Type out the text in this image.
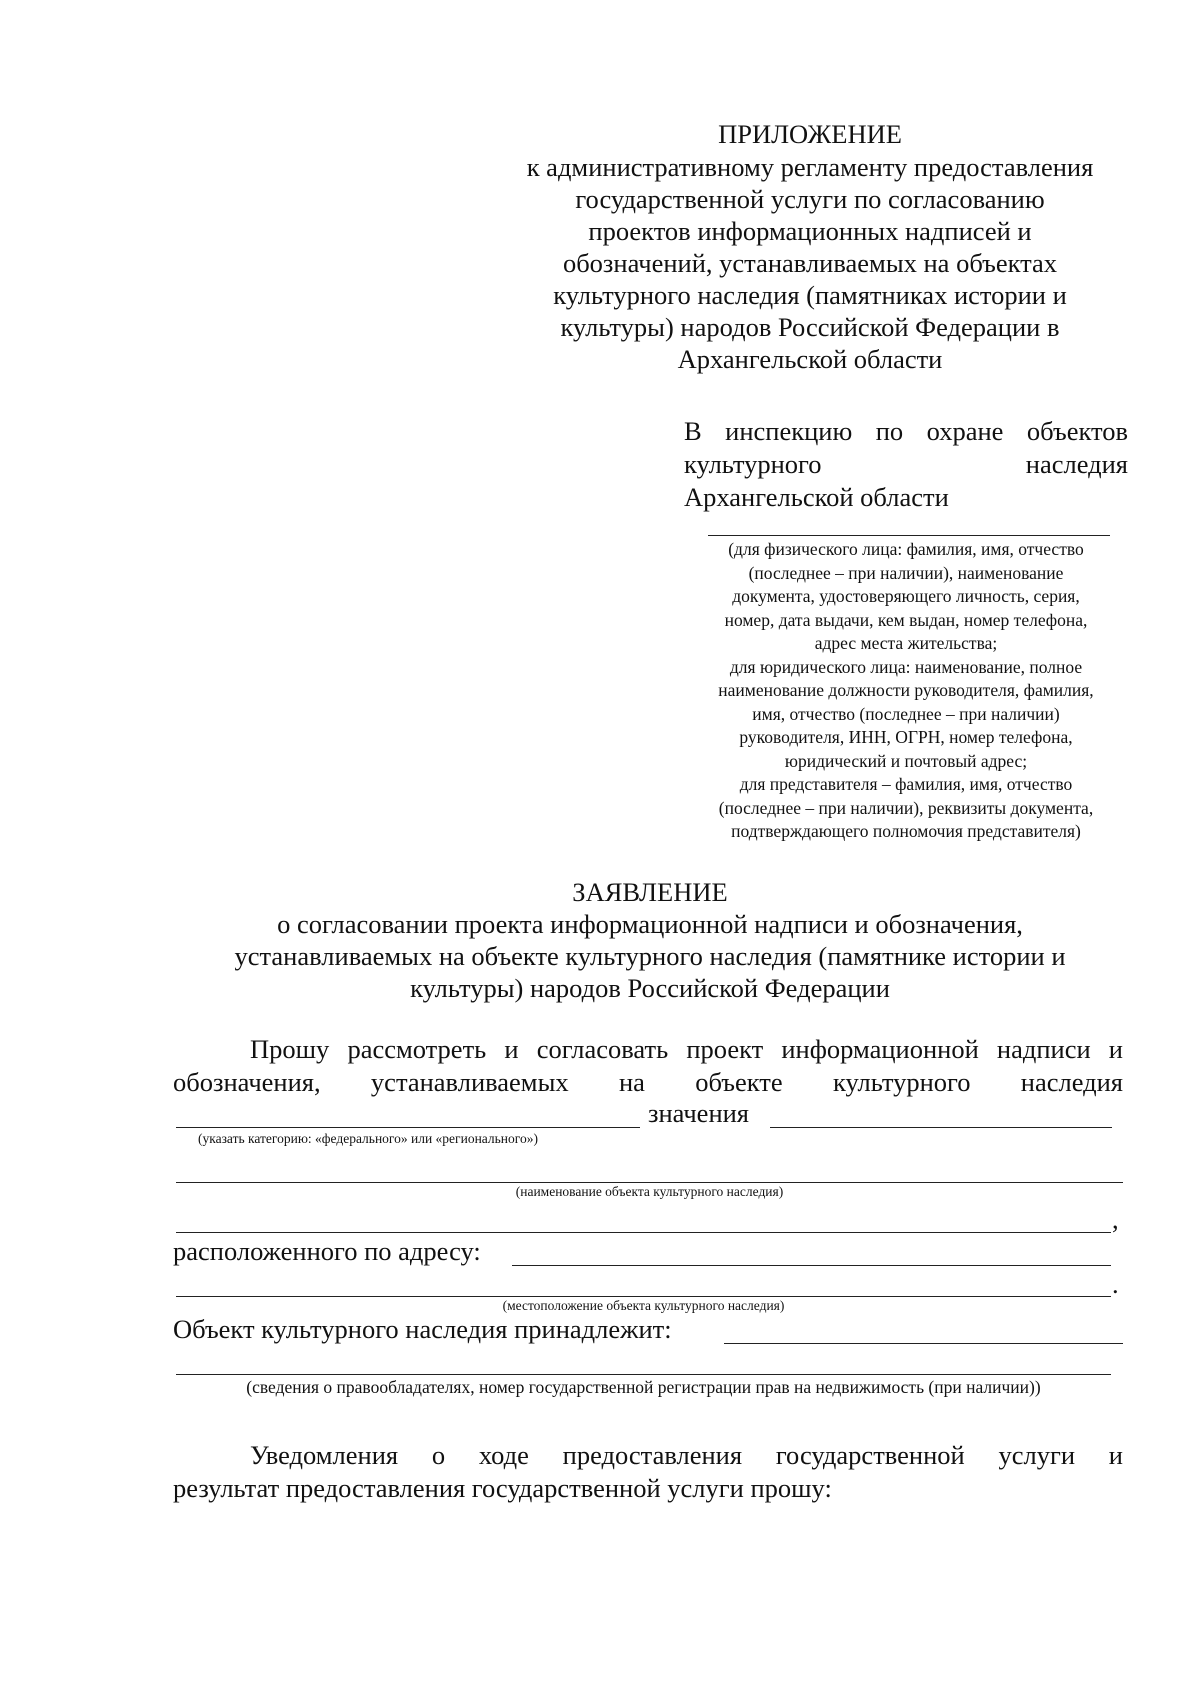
ПРИЛОЖЕНИЕ
к административному регламенту предоставления
государственной услуги по согласованию
проектов информационных надписей и
обозначений, устанавливаемых на объектах
культурного наследия (памятниках истории и
культуры) народов Российской Федерации в
Архангельской области
В инспекцию по охране объектов
культурного	наследия
Архангельской области
(для физического лица: фамилия, имя, отчество
(последнее – при наличии), наименование
документа, удостоверяющего личность, серия,
номер, дата выдачи, кем выдан, номер телефона,
адрес места жительства;
для юридического лица: наименование, полное
наименование должности руководителя, фамилия,
имя, отчество (последнее – при наличии)
руководителя, ИНН, ОГРН, номер телефона,
юридический и почтовый адрес;
для представителя – фамилия, имя, отчество
(последнее – при наличии), реквизиты документа,
подтверждающего полномочия представителя)
ЗАЯВЛЕНИЕ
о согласовании проекта информационной надписи и обозначения,
устанавливаемых на объекте культурного наследия (памятнике истории и
культуры) народов Российской Федерации
Прошу рассмотреть и согласовать проект информационной надписи и
обозначения, устанавливаемых на объекте культурного наследия
значения
(указать категорию: «федерального» или «регионального»)
(наименование объекта культурного наследия)
,
расположенного по адресу:
.
(местоположение объекта культурного наследия)
Объект культурного наследия принадлежит:
(сведения о правообладателях, номер государственной регистрации прав на недвижимость (при наличии))
Уведомления о ходе предоставления государственной услуги и
результат предоставления государственной услуги прошу:
